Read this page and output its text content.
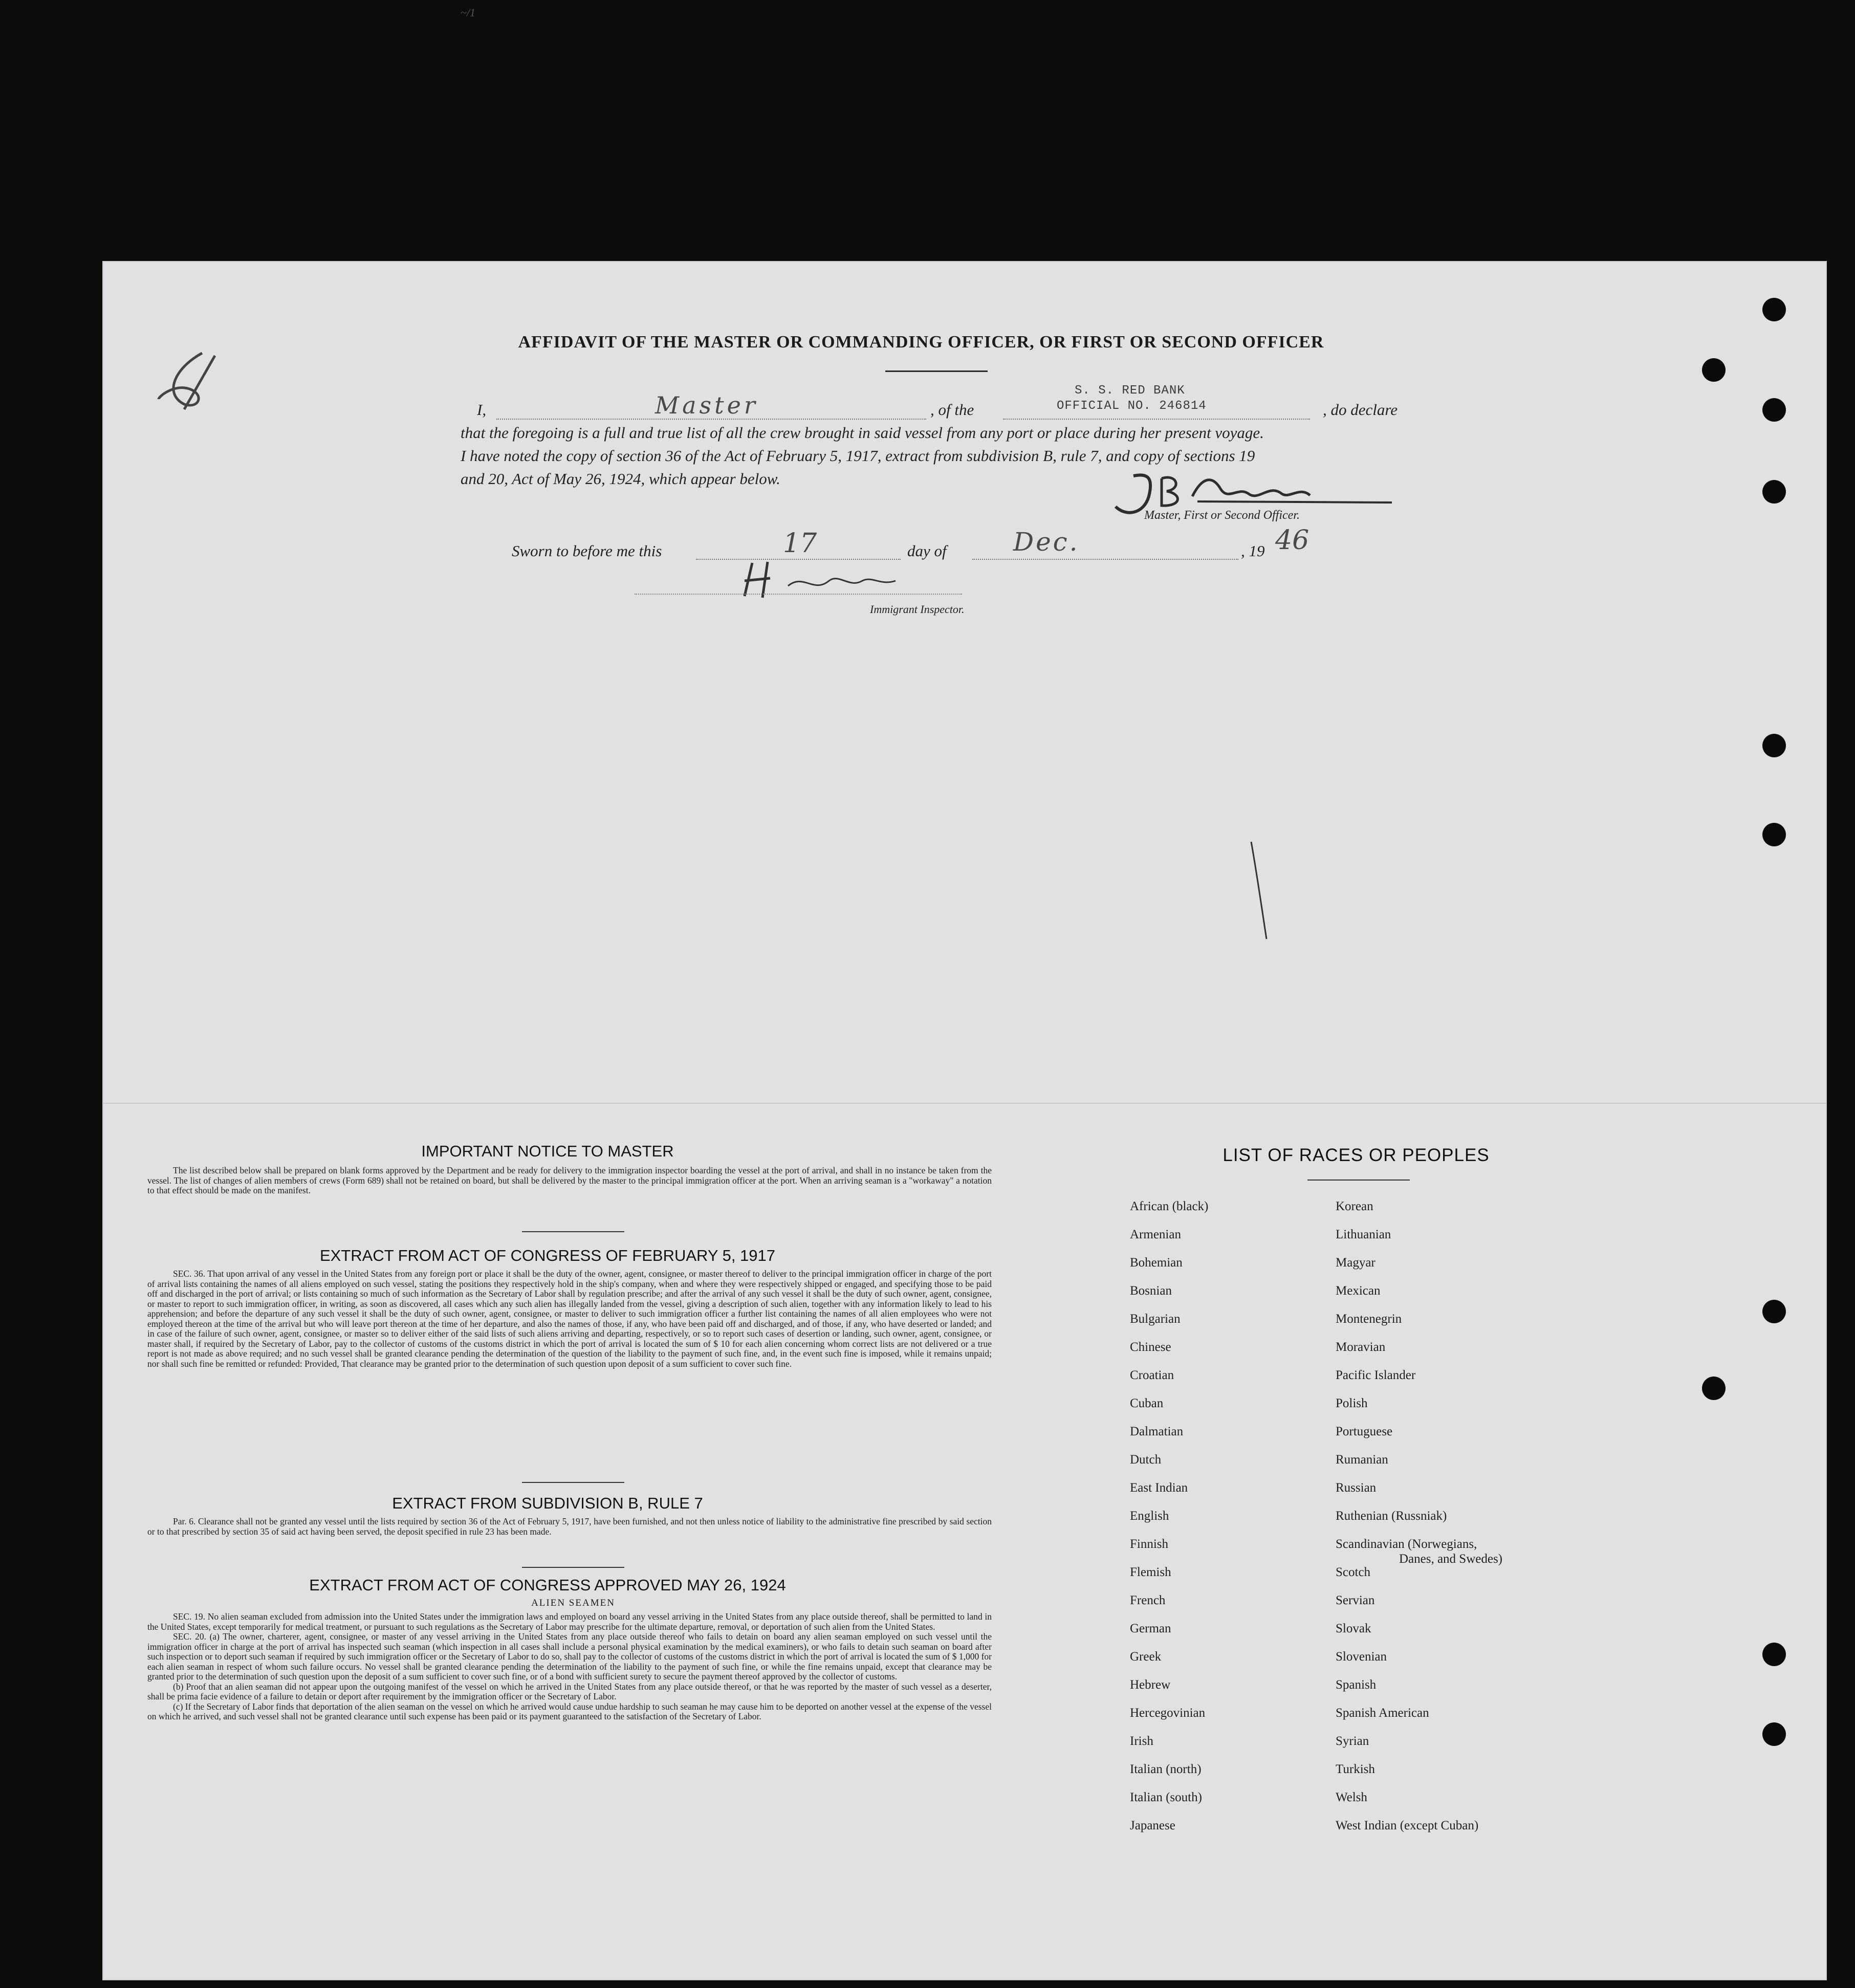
~/1
AFFIDAVIT OF THE MASTER OR COMMANDING OFFICER, OR FIRST OR SECOND OFFICER
I,	Master	, of the
S. S. RED BANK
OFFICIAL NO. 246814	, do declare
that the foregoing is a full and true list of all the crew brought in said vessel from any port or place during her present voyage.
I have noted the copy of section 36 of the Act of February 5, 1917, extract from subdivision B, rule 7, and copy of sections 19
and 20, Act of May 26, 1924, which appear below.
Master, First or Second Officer.
Sworn to before me this	17	day of	Dec.	, 19 46
Immigrant Inspector.
IMPORTANT NOTICE TO MASTER

The list described below shall be prepared on blank forms approved by the Department and be ready for delivery to the immigration inspector boarding the vessel at the port of arrival, and shall in no instance be taken from the vessel. The list of changes of alien members of crews (Form 689) shall not be retained on board, but shall be delivered by the master to the principal immigration officer at the port. When an arriving seaman is a "workaway" a notation to that effect should be made on the manifest.

EXTRACT FROM ACT OF CONGRESS OF FEBRUARY 5, 1917

SEC. 36. That upon arrival of any vessel in the United States from any foreign port or place it shall be the duty of the owner, agent, consignee, or master thereof to deliver to the principal immigration officer in charge of the port of arrival lists containing the names of all aliens employed on such vessel, stating the positions they respectively hold in the ship's company, when and where they were respectively shipped or engaged, and specifying those to be paid off and discharged in the port of arrival; or lists containing so much of such information as the Secretary of Labor shall by regulation prescribe; and after the arrival of any such vessel it shall be the duty of such owner, agent, consignee, or master to report to such immigration officer, in writing, as soon as discovered, all cases which any such alien has illegally landed from the vessel, giving a description of such alien, together with any information likely to lead to his apprehension; and before the departure of any such vessel it shall be the duty of such owner, agent, consignee, or master to deliver to such immigration officer a further list containing the names of all alien employees who were not employed thereon at the time of the arrival but who will leave port thereon at the time of her departure, and also the names of those, if any, who have been paid off and discharged, and of those, if any, who have deserted or landed; and in case of the failure of such owner, agent, consignee, or master so to deliver either of the said lists of such aliens arriving and departing, respectively, or so to report such cases of desertion or landing, such owner, agent, consignee, or master shall, if required by the Secretary of Labor, pay to the collector of customs of the customs district in which the port of arrival is located the sum of $ 10 for each alien concerning whom correct lists are not delivered or a true report is not made as above required; and no such vessel shall be granted clearance pending the determination of the question of the liability to the payment of such fine, and, in the event such fine is imposed, while it remains unpaid; nor shall such fine be remitted or refunded: Provided, That clearance may be granted prior to the determination of such question upon deposit of a sum sufficient to cover such fine.

EXTRACT FROM SUBDIVISION B, RULE 7

Par. 6. Clearance shall not be granted any vessel until the lists required by section 36 of the Act of February 5, 1917, have been furnished, and not then unless notice of liability to the administrative fine prescribed by said section or to that prescribed by section 35 of said act having been served, the deposit specified in rule 23 has been made.

EXTRACT FROM ACT OF CONGRESS APPROVED MAY 26, 1924
ALIEN SEAMEN

SEC. 19. No alien seaman excluded from admission into the United States under the immigration laws and employed on board any vessel arriving in the United States from any place outside thereof, shall be permitted to land in the United States, except temporarily for medical treatment, or pursuant to such regulations as the Secretary of Labor may prescribe for the ultimate departure, removal, or deportation of such alien from the United States.

SEC. 20. (a) The owner, charterer, agent, consignee, or master of any vessel arriving in the United States from any place outside thereof who fails to detain on board any alien seaman employed on such vessel until the immigration officer in charge at the port of arrival has inspected such seaman (which inspection in all cases shall include a personal physical examination by the medical examiners), or who fails to detain such seaman on board after such inspection or to deport such seaman if required by such immigration officer or the Secretary of Labor to do so, shall pay to the collector of customs of the customs district in which the port of arrival is located the sum of $ 1,000 for each alien seaman in respect of whom such failure occurs. No vessel shall be granted clearance pending the determination of the liability to the payment of such fine, or while the fine remains unpaid, except that clearance may be granted prior to the determination of such question upon the deposit of a sum sufficient to cover such fine, or of a bond with sufficient surety to secure the payment thereof approved by the collector of customs.

(b) Proof that an alien seaman did not appear upon the outgoing manifest of the vessel on which he arrived in the United States from any place outside thereof, or that he was reported by the master of such vessel as a deserter, shall be prima facie evidence of a failure to detain or deport after requirement by the immigration officer or the Secretary of Labor.

(c) If the Secretary of Labor finds that deportation of the alien seaman on the vessel on which he arrived would cause undue hardship to such seaman he may cause him to be deported on another vessel at the expense of the vessel on which he arrived, and such vessel shall not be granted clearance until such expense has been paid or its payment guaranteed to the satisfaction of the Secretary of Labor.

LIST OF RACES OR PEOPLES
African (black)
Armenian
Bohemian
Bosnian
Bulgarian
Chinese
Croatian
Cuban
Dalmatian
Dutch
East Indian
English
Finnish
Flemish
French
German
Greek
Hebrew
Hercegovinian
Irish
Italian (north)
Italian (south)
Japanese
Korean
Lithuanian
Magyar
Mexican
Montenegrin
Moravian
Pacific Islander
Polish
Portuguese
Rumanian
Russian
Ruthenian (Russniak)
Scandinavian (Norwegians,
Scotch
Servian
Slovak
Slovenian
Spanish
Spanish American
Syrian
Turkish
Welsh
West Indian (except Cuban)
Danes, and Swedes)
